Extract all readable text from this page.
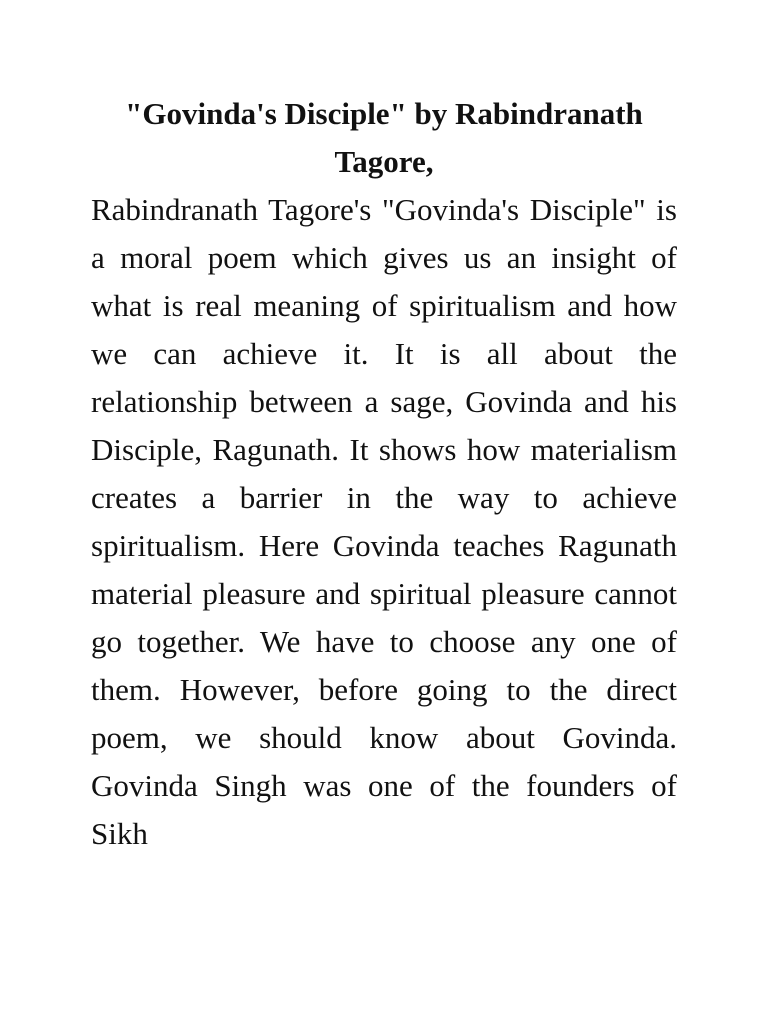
"Govinda's Disciple" by Rabindranath Tagore,

Rabindranath Tagore's "Govinda's Disciple" is a moral poem which gives us an insight of what is real meaning of spiritualism and how we can achieve it. It is all about the relationship between a sage, Govinda and his Disciple, Ragunath. It shows how materialism creates a barrier in the way to achieve spiritualism. Here Govinda teaches Ragunath material pleasure and spiritual pleasure cannot go together. We have to choose any one of them. However, before going to the direct poem, we should know about Govinda. Govinda Singh was one of the founders of Sikh
